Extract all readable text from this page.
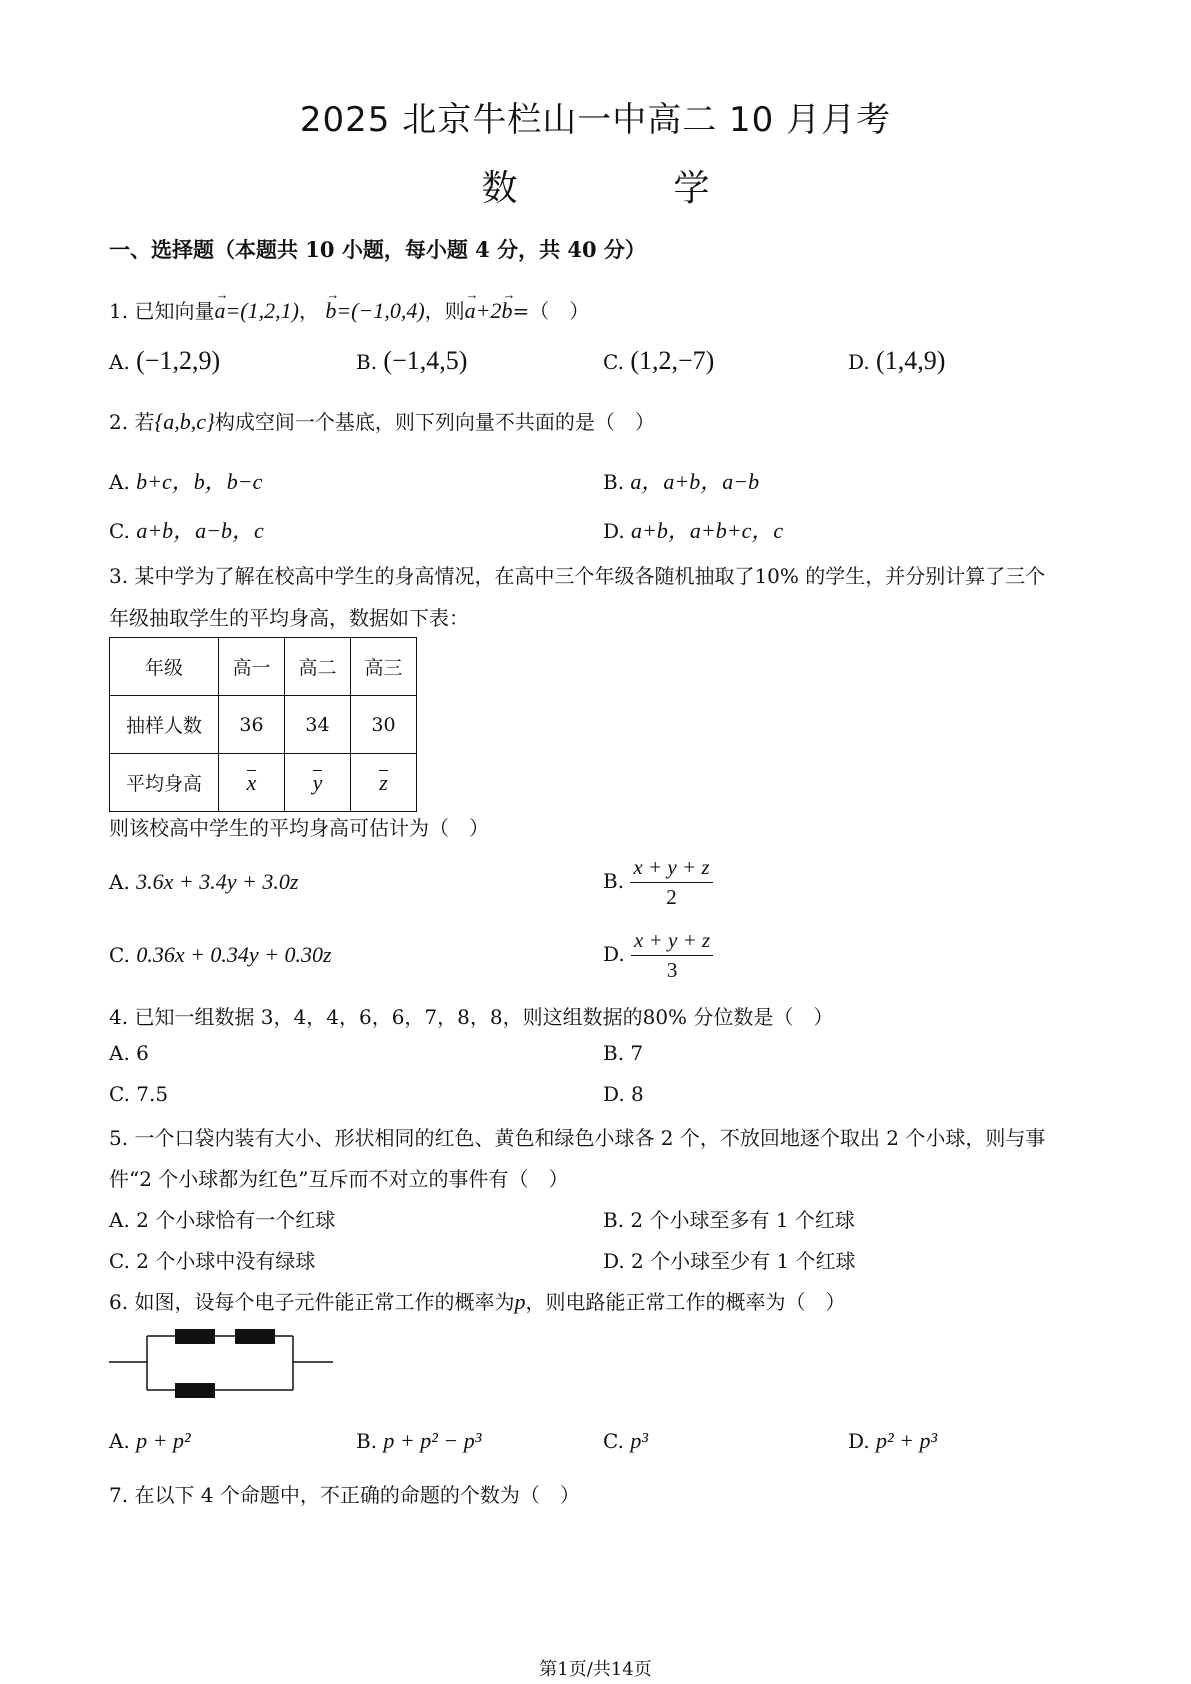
2025 北京牛栏山一中高二 10 月月考
数　学
一、选择题（本题共 10 小题，每小题 4 分，共 40 分）
1. 已知向量→ a=(1,2,1)， → b=(−1,0,4)，则→ a+2→ b=（　）
A. (−1,2,9)	B. (−1,4,5)	C. (1,2,−7)	D. (1,4,9)
2. 若{a,b,c}构成空间一个基底，则下列向量不共面的是（　）
A. b+c，b，b−c	B. a，a+b，a−b
C. a+b，a−b，c	D. a+b，a+b+c，c
3. 某中学为了解在校高中学生的身高情况，在高中三个年级各随机抽取了10% 的学生，并分别计算了三个
年级抽取学生的平均身高，数据如下表：
年级	高一	高二	高三
抽样人数	36	34	30
平均身高	x	y	z
则该校高中学生的平均身高可估计为（　）
A. 3.6x + 3.4y + 3.0z	B. $\frac{x + y + z}{2}$
C. 0.36x + 0.34y + 0.30z	D. $\frac{x + y + z}{3}$
4. 已知一组数据 3，4，4，6，6，7，8，8，则这组数据的80% 分位数是（　）
A. 6	B. 7
C. 7.5	D. 8
5. 一个口袋内装有大小、形状相同的红色、黄色和绿色小球各 2 个，不放回地逐个取出 2 个小球，则与事
件“2 个小球都为红色”互斥而不对立的事件有（　）
A. 2 个小球恰有一个红球	B. 2 个小球至多有 1 个红球
C. 2 个小球中没有绿球	D. 2 个小球至少有 1 个红球
6. 如图，设每个电子元件能正常工作的概率为p，则电路能正常工作的概率为（　）
A. p + p²	B. p + p² − p³	C. p³	D. p² + p³
7. 在以下 4 个命题中，不正确的命题的个数为（　）
第1页/共14页
